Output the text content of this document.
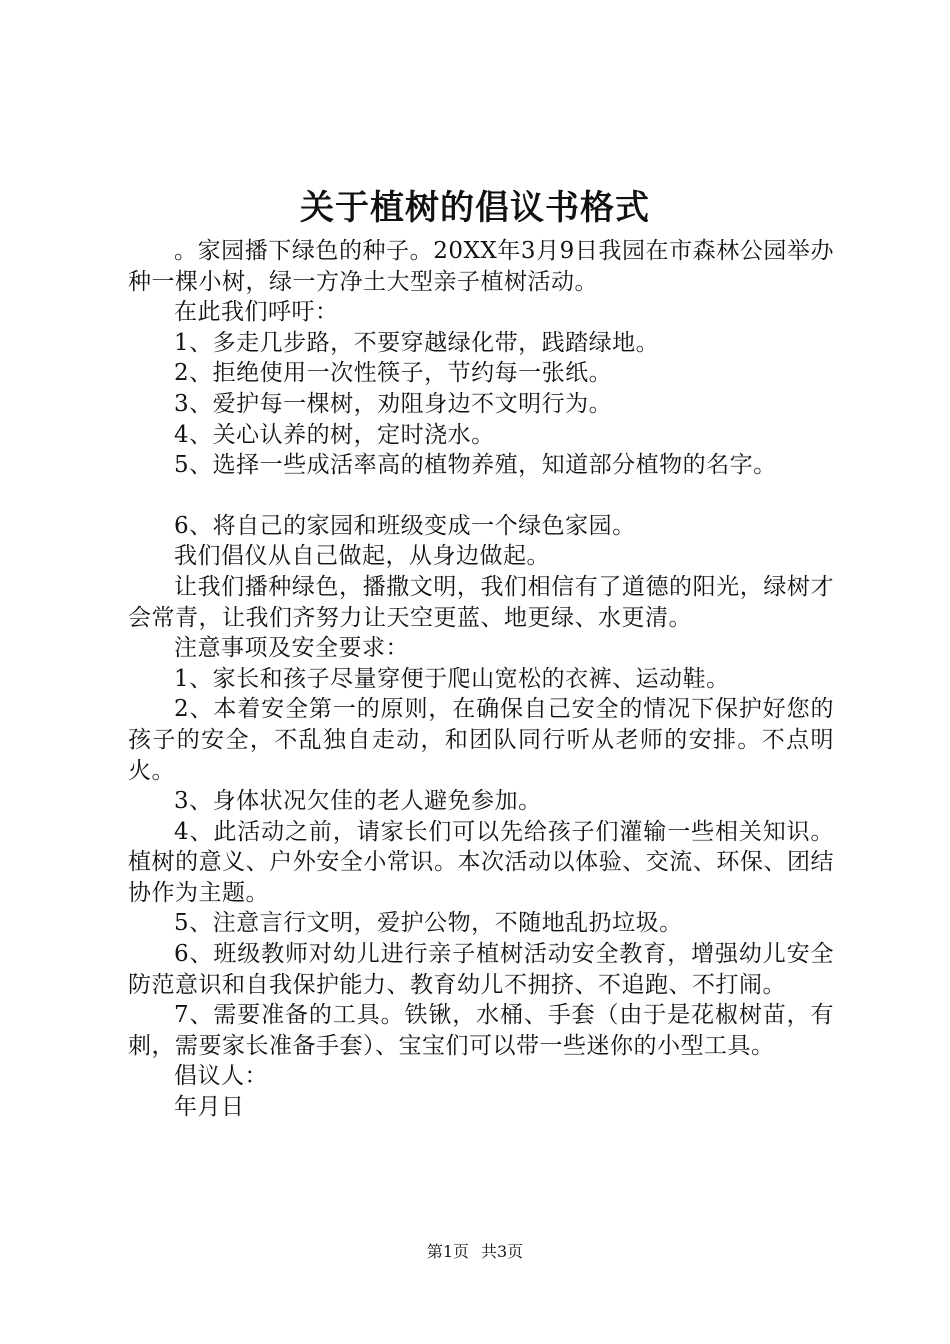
关于植树的倡议书格式

。家园播下绿色的种子。20XX年3月9日我园在市森林公园举办种一棵小树，绿一方净土大型亲子植树活动。

在此我们呼吁：

1、多走几步路，不要穿越绿化带，践踏绿地。

2、拒绝使用一次性筷子，节约每一张纸。

3、爱护每一棵树，劝阻身边不文明行为。

4、关心认养的树，定时浇水。

5、选择一些成活率高的植物养殖，知道部分植物的名字。

6、将自己的家园和班级变成一个绿色家园。

我们倡仪从自己做起，从身边做起。

让我们播种绿色，播撒文明，我们相信有了道德的阳光，绿树才会常青，让我们齐努力让天空更蓝、地更绿、水更清。

注意事项及安全要求：

1、家长和孩子尽量穿便于爬山宽松的衣裤、运动鞋。

2、本着安全第一的原则，在确保自己安全的情况下保护好您的孩子的安全，不乱独自走动，和团队同行听从老师的安排。不点明火。

3、身体状况欠佳的老人避免参加。

4、此活动之前，请家长们可以先给孩子们灌输一些相关知识。植树的意义、户外安全小常识。本次活动以体验、交流、环保、团结协作为主题。

5、注意言行文明，爱护公物，不随地乱扔垃圾。

6、班级教师对幼儿进行亲子植树活动安全教育，增强幼儿安全防范意识和自我保护能力、教育幼儿不拥挤、不追跑、不打闹。

7、需要准备的工具。铁锹，水桶、手套（由于是花椒树苗，有刺，需要家长准备手套）、宝宝们可以带一些迷你的小型工具。

倡议人：

年月日

第1页 共3页
